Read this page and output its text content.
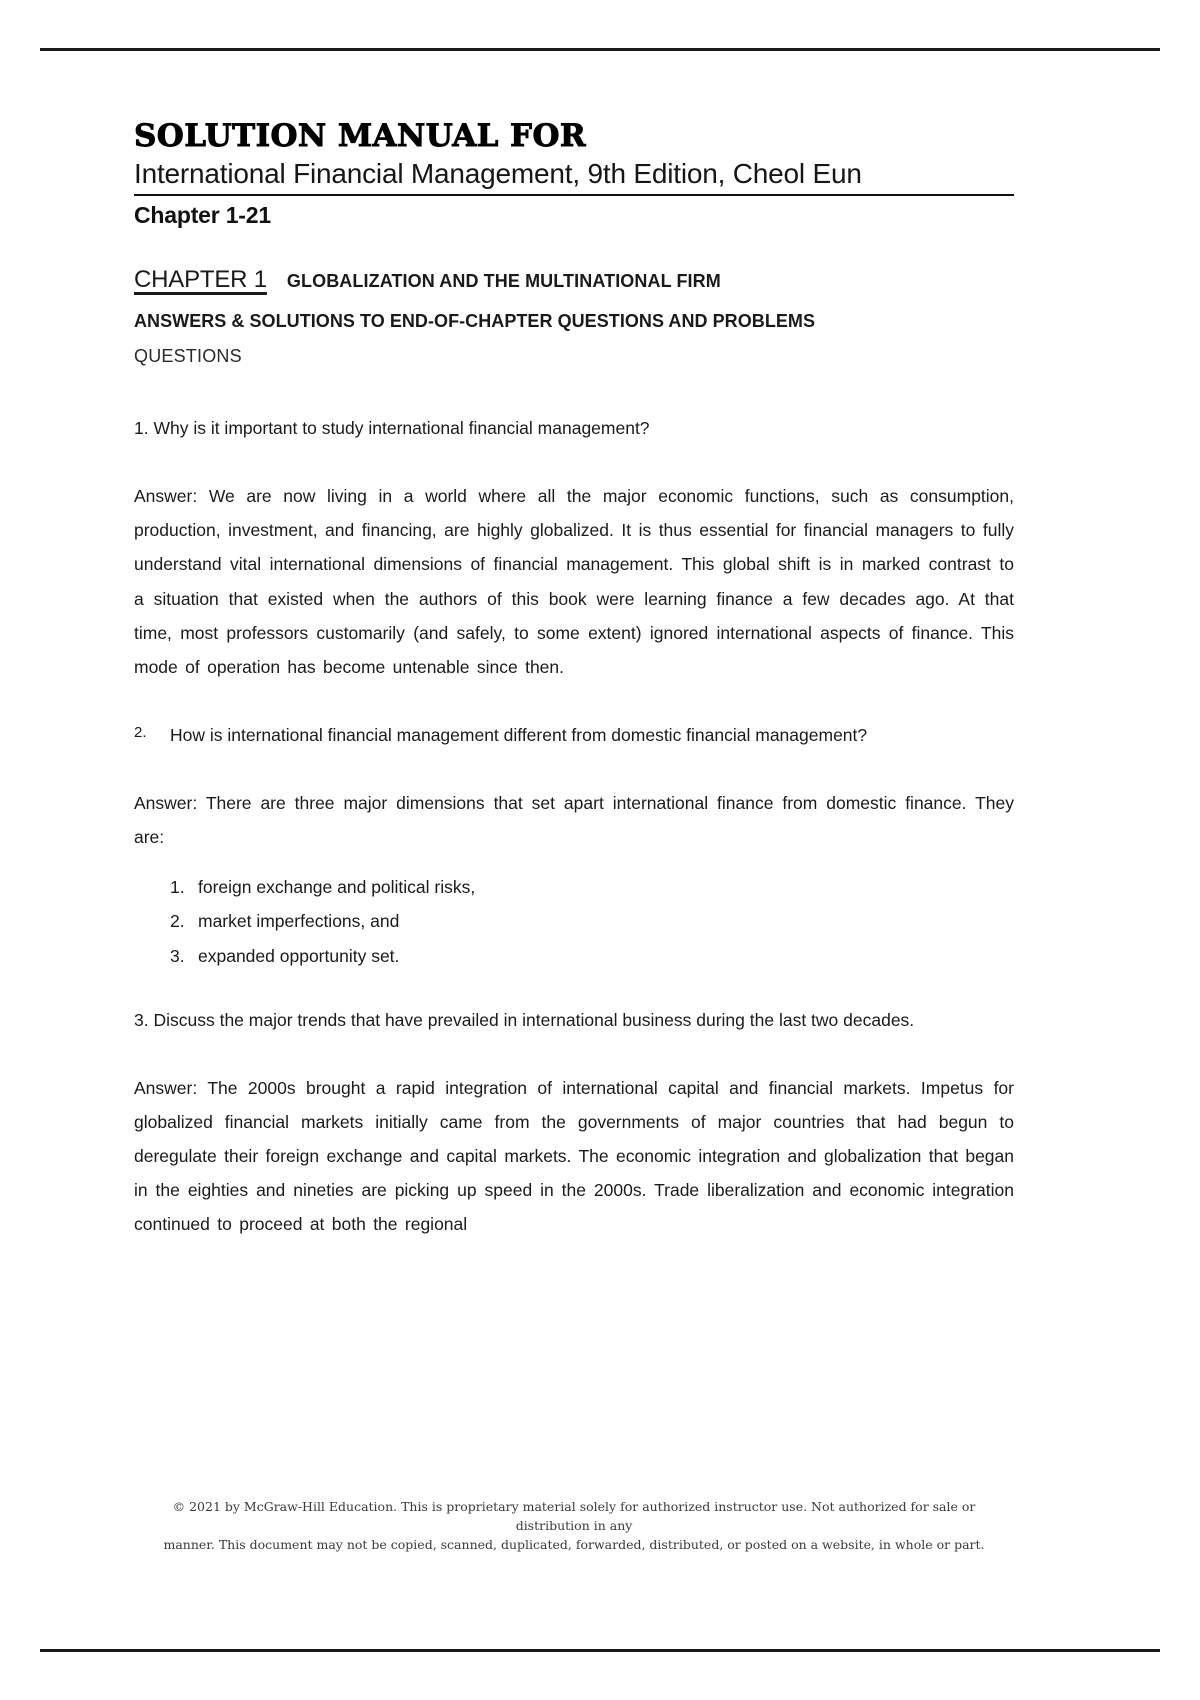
SOLUTION MANUAL FOR
International Financial Management, 9th Edition, Cheol Eun
Chapter 1-21
CHAPTER 1 GLOBALIZATION AND THE MULTINATIONAL FIRM
ANSWERS & SOLUTIONS TO END-OF-CHAPTER QUESTIONS AND PROBLEMS
QUESTIONS

1. Why is it important to study international financial management?

Answer: We are now living in a world where all the major economic functions, such as consumption, production, investment, and financing, are highly globalized. It is thus essential for financial managers to fully understand vital international dimensions of financial management. This global shift is in marked contrast to a situation that existed when the authors of this book were learning finance a few decades ago. At that time, most professors customarily (and safely, to some extent) ignored international aspects of finance. This mode of operation has become untenable since then.

2.	How is international financial management different from domestic financial management?

Answer: There are three major dimensions that set apart international finance from domestic finance. They are:

foreign exchange and political risks,
market imperfections, and
expanded opportunity set.

3. Discuss the major trends that have prevailed in international business during the last two decades.

Answer: The 2000s brought a rapid integration of international capital and financial markets. Impetus for globalized financial markets initially came from the governments of major countries that had begun to deregulate their foreign exchange and capital markets. The economic integration and globalization that began in the eighties and nineties are picking up speed in the 2000s. Trade liberalization and economic integration continued to proceed at both the regional

© 2021 by McGraw-Hill Education. This is proprietary material solely for authorized instructor use. Not authorized for sale or distribution in any

manner. This document may not be copied, scanned, duplicated, forwarded, distributed, or posted on a website, in whole or part.
